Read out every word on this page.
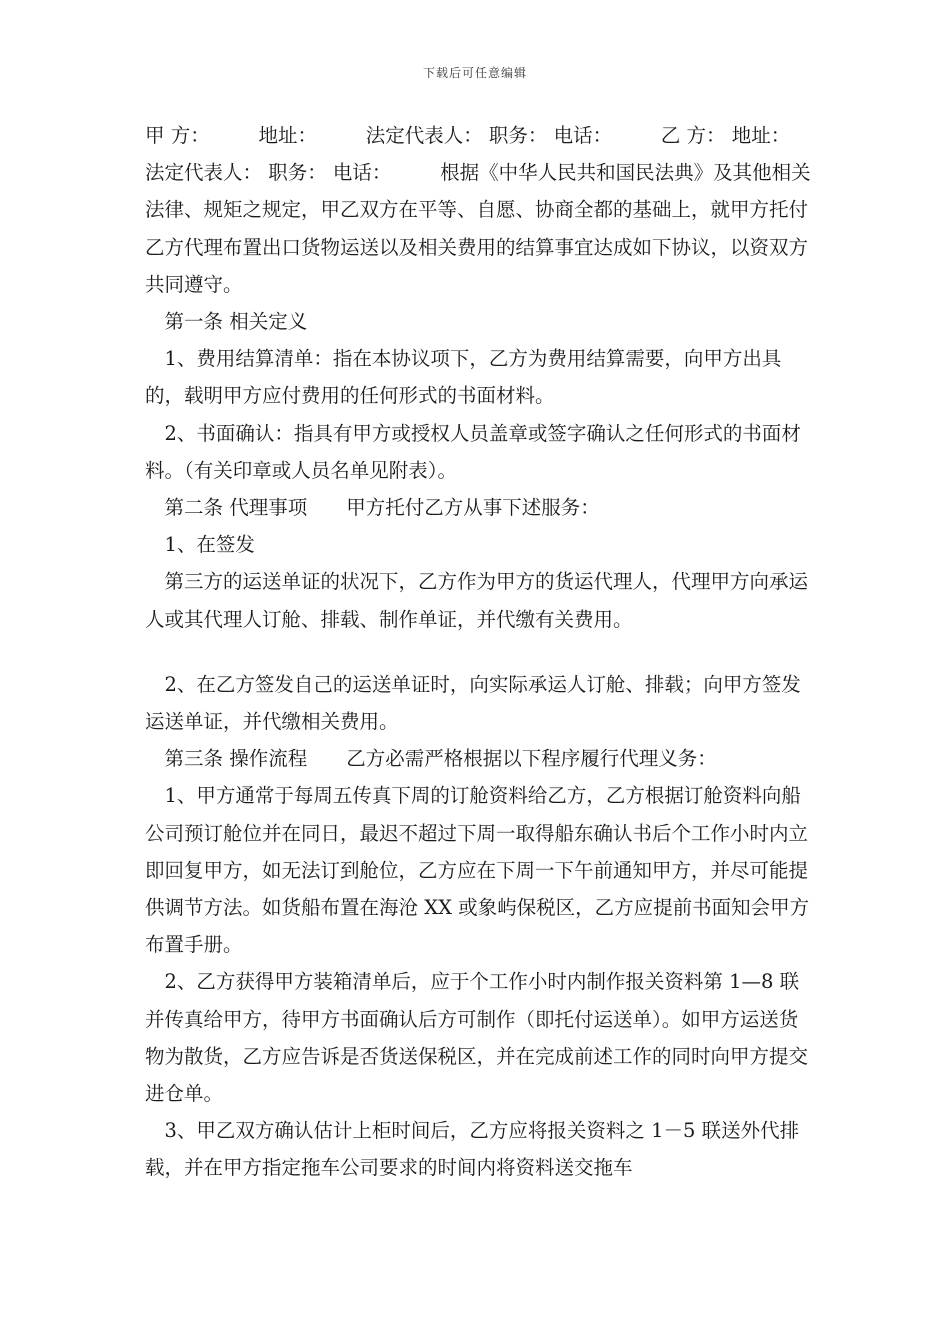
下载后可任意编辑

甲 方：　　　地址：　　　法定代表人： 职务： 电话：　　　乙 方： 地址：　　　法定代表人： 职务： 电话：　　　根据《中华人民共和国民法典》及其他相关法律、规矩之规定，甲乙双方在平等、自愿、协商全都的基础上，就甲方托付乙方代理布置出口货物运送以及相关费用的结算事宜达成如下协议，以资双方共同遵守。

　第一条 相关定义

　1、费用结算清单：指在本协议项下，乙方为费用结算需要，向甲方出具的，载明甲方应付费用的任何形式的书面材料。

　2、书面确认：指具有甲方或授权人员盖章或签字确认之任何形式的书面材料。（有关印章或人员名单见附表）。

　第二条 代理事项　　甲方托付乙方从事下述服务：

　1、在签发

　第三方的运送单证的状况下，乙方作为甲方的货运代理人，代理甲方向承运人或其代理人订舱、排载、制作单证，并代缴有关费用。

　2、在乙方签发自己的运送单证时，向实际承运人订舱、排载；向甲方签发运送单证，并代缴相关费用。

　第三条 操作流程　　乙方必需严格根据以下程序履行代理义务：

　1、甲方通常于每周五传真下周的订舱资料给乙方，乙方根据订舱资料向船公司预订舱位并在同日，最迟不超过下周一取得船东确认书后个工作小时内立即回复甲方，如无法订到舱位，乙方应在下周一下午前通知甲方，并尽可能提供调节方法。如货船布置在海沧 XX 或象屿保税区，乙方应提前书面知会甲方布置手册。

　2、乙方获得甲方装箱清单后，应于个工作小时内制作报关资料第 1—8 联并传真给甲方，待甲方书面确认后方可制作（即托付运送单）。如甲方运送货物为散货，乙方应告诉是否货送保税区，并在完成前述工作的同时向甲方提交进仓单。

　3、甲乙双方确认估计上柜时间后，乙方应将报关资料之 1－5 联送外代排载，并在甲方指定拖车公司要求的时间内将资料送交拖车
